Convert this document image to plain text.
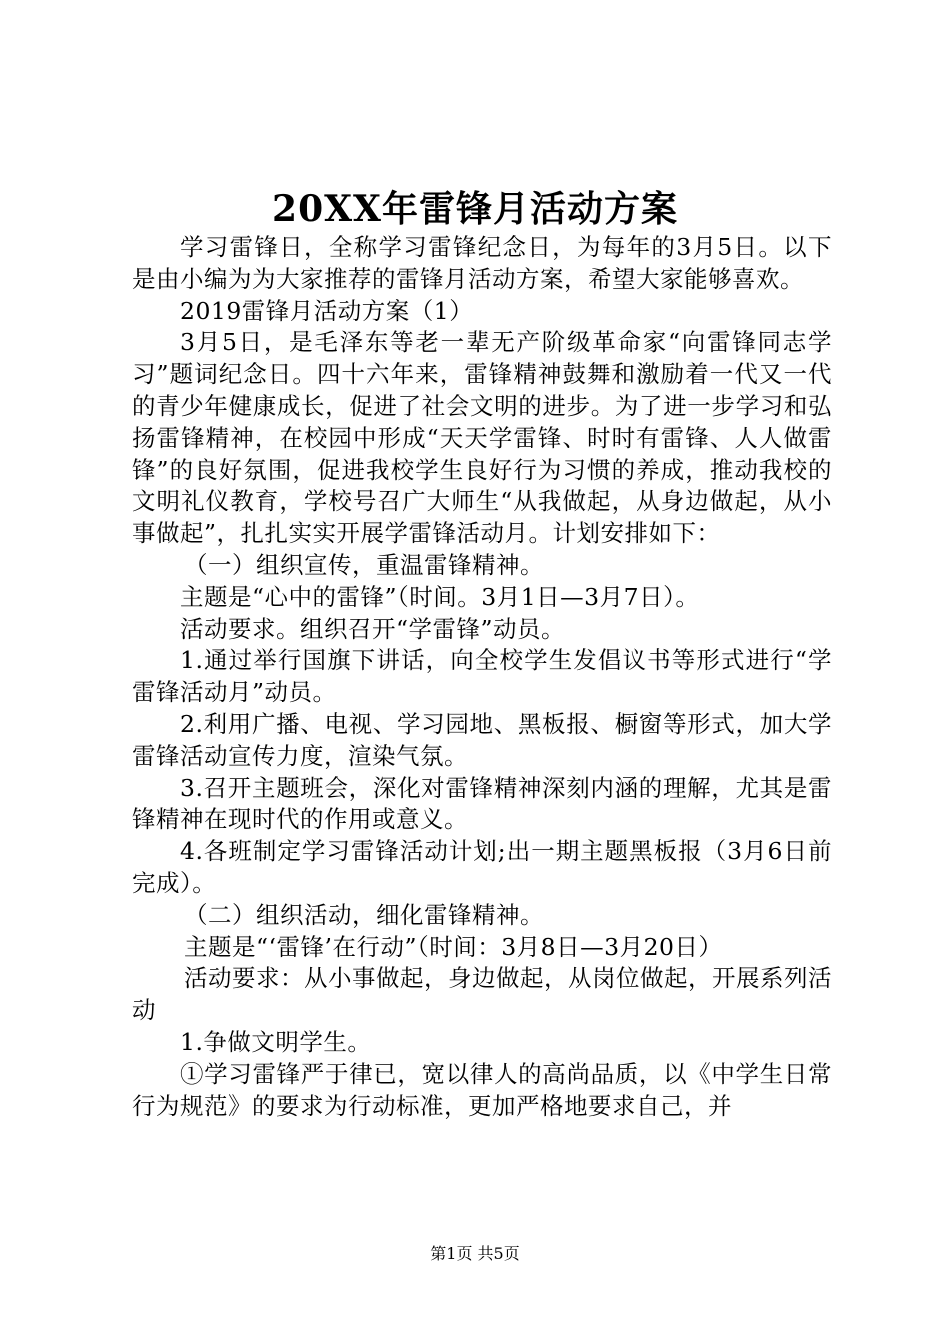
20XX年雷锋月活动方案

学习雷锋日，全称学习雷锋纪念日，为每年的3月5日。以下是由小编为为大家推荐的雷锋月活动方案，希望大家能够喜欢。

2019雷锋月活动方案（1）

3月5日，是毛泽东等老一辈无产阶级革命家“向雷锋同志学习”题词纪念日。四十六年来，雷锋精神鼓舞和激励着一代又一代的青少年健康成长，促进了社会文明的进步。为了进一步学习和弘扬雷锋精神，在校园中形成“天天学雷锋、时时有雷锋、人人做雷锋”的良好氛围，促进我校学生良好行为习惯的养成，推动我校的文明礼仪教育，学校号召广大师生“从我做起，从身边做起，从小事做起”，扎扎实实开展学雷锋活动月。计划安排如下：

（一）组织宣传，重温雷锋精神。

主题是“心中的雷锋”（时间。3月1日—3月7日）。

活动要求。组织召开“学雷锋”动员。

1.通过举行国旗下讲话，向全校学生发倡议书等形式进行“学雷锋活动月”动员。

2.利用广播、电视、学习园地、黑板报、橱窗等形式，加大学雷锋活动宣传力度，渲染气氛。

3.召开主题班会，深化对雷锋精神深刻内涵的理解，尤其是雷锋精神在现时代的作用或意义。

4.各班制定学习雷锋活动计划;出一期主题黑板报（3月6日前完成）。

（二）组织活动，细化雷锋精神。

主题是“‘雷锋’在行动”（时间：3月8日—3月20日）

活动要求：从小事做起，身边做起，从岗位做起，开展系列活动

1.争做文明学生。

①学习雷锋严于律已，宽以律人的高尚品质，以《中学生日常行为规范》的要求为行动标准，更加严格地要求自己，并

第1页 共5页
